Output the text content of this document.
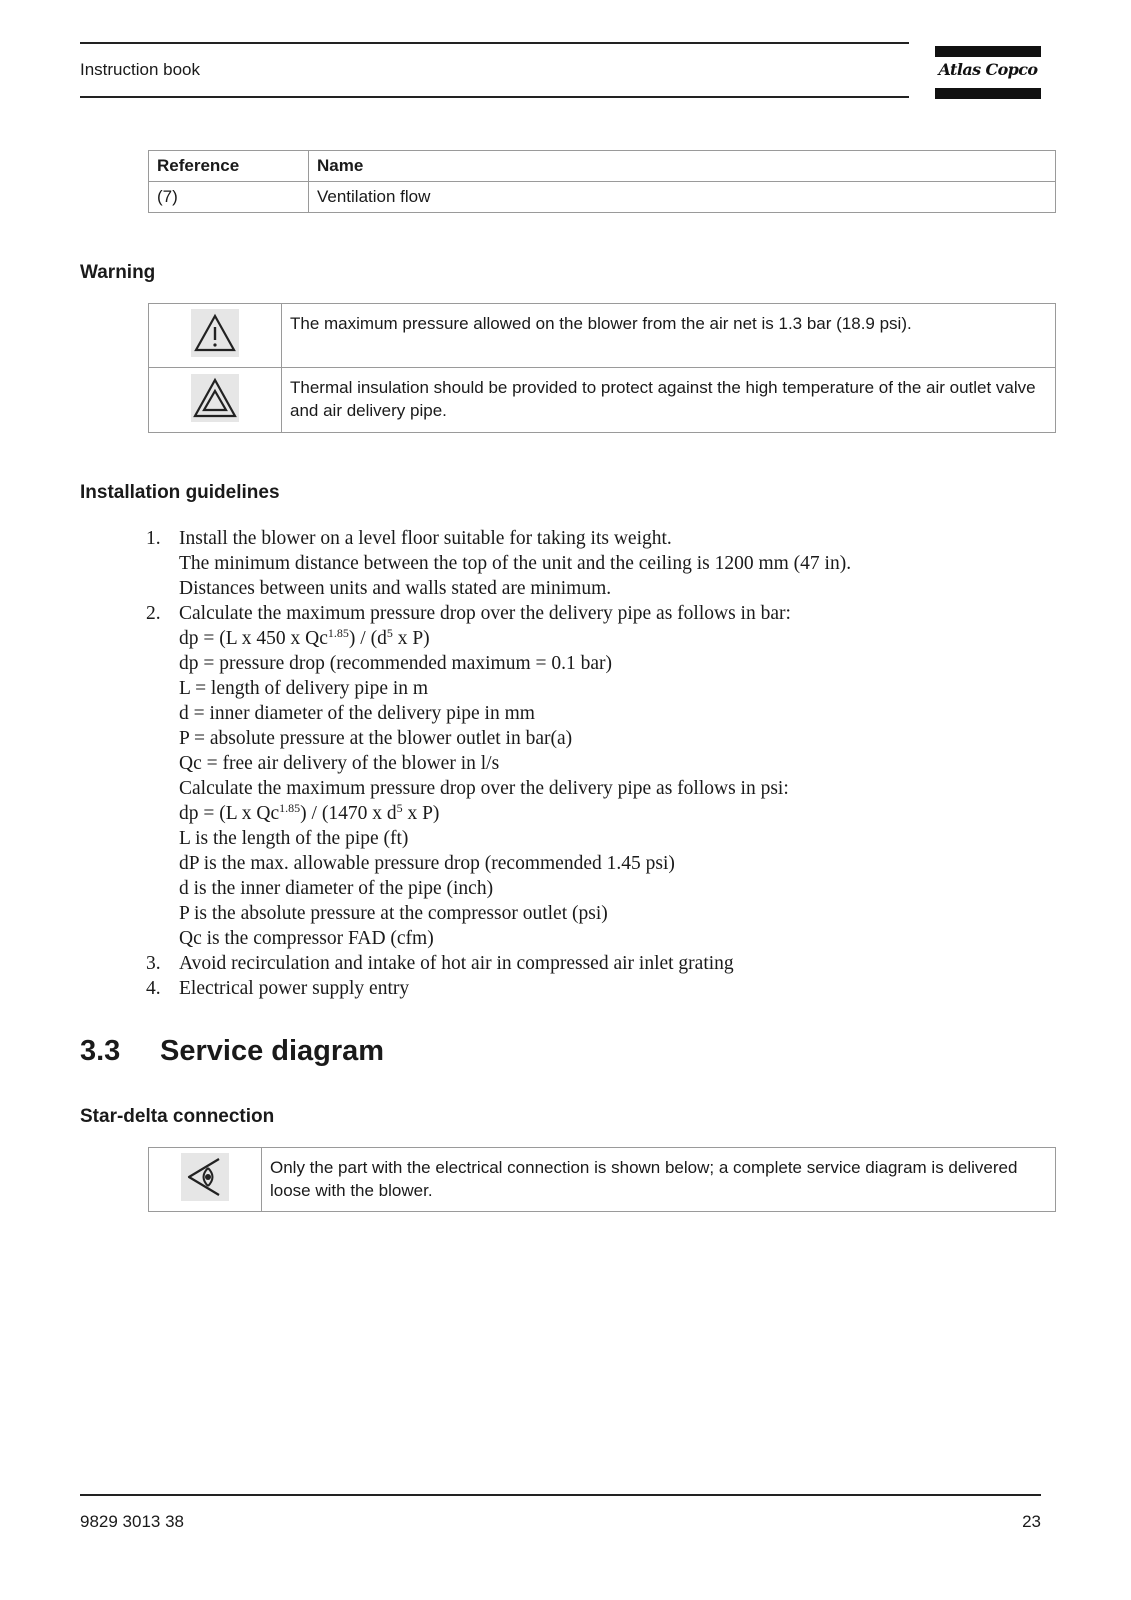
Instruction book	Atlas Copco
Reference	Name
(7)	Ventilation flow
Warning
	The maximum pressure allowed on the blower from the air net is 1.3 bar (18.9 psi).

	Thermal insulation should be provided to protect against the high temperature of the air outlet valve and air delivery pipe.
Installation guidelines
1. Install the blower on a level floor suitable for taking its weight.
The minimum distance between the top of the unit and the ceiling is 1200 mm (47 in).
Distances between units and walls stated are minimum.
2. Calculate the maximum pressure drop over the delivery pipe as follows in bar:
dp = (L x 450 x $Qc^{1.85}) / (d^5$ x P)
dp = pressure drop (recommended maximum = 0.1 bar)
L = length of delivery pipe in m
d = inner diameter of the delivery pipe in mm
P = absolute pressure at the blower outlet in bar(a)
Qc = free air delivery of the blower in l/s
Calculate the maximum pressure drop over the delivery pipe as follows in psi:
dp = (L x $Qc^{1.85}) / (1470$ x $d^5$ x P)
L is the length of the pipe (ft)
dP is the max. allowable pressure drop (recommended 1.45 psi)
d is the inner diameter of the pipe (inch)
P is the absolute pressure at the compressor outlet (psi)
Qc is the compressor FAD (cfm)
3. Avoid recirculation and intake of hot air in compressed air inlet grating
4. Electrical power supply entry
3.3 Service diagram
Star-delta connection
	Only the part with the electrical connection is shown below; a complete service diagram is delivered loose with the blower.
9829 3013 38	23
